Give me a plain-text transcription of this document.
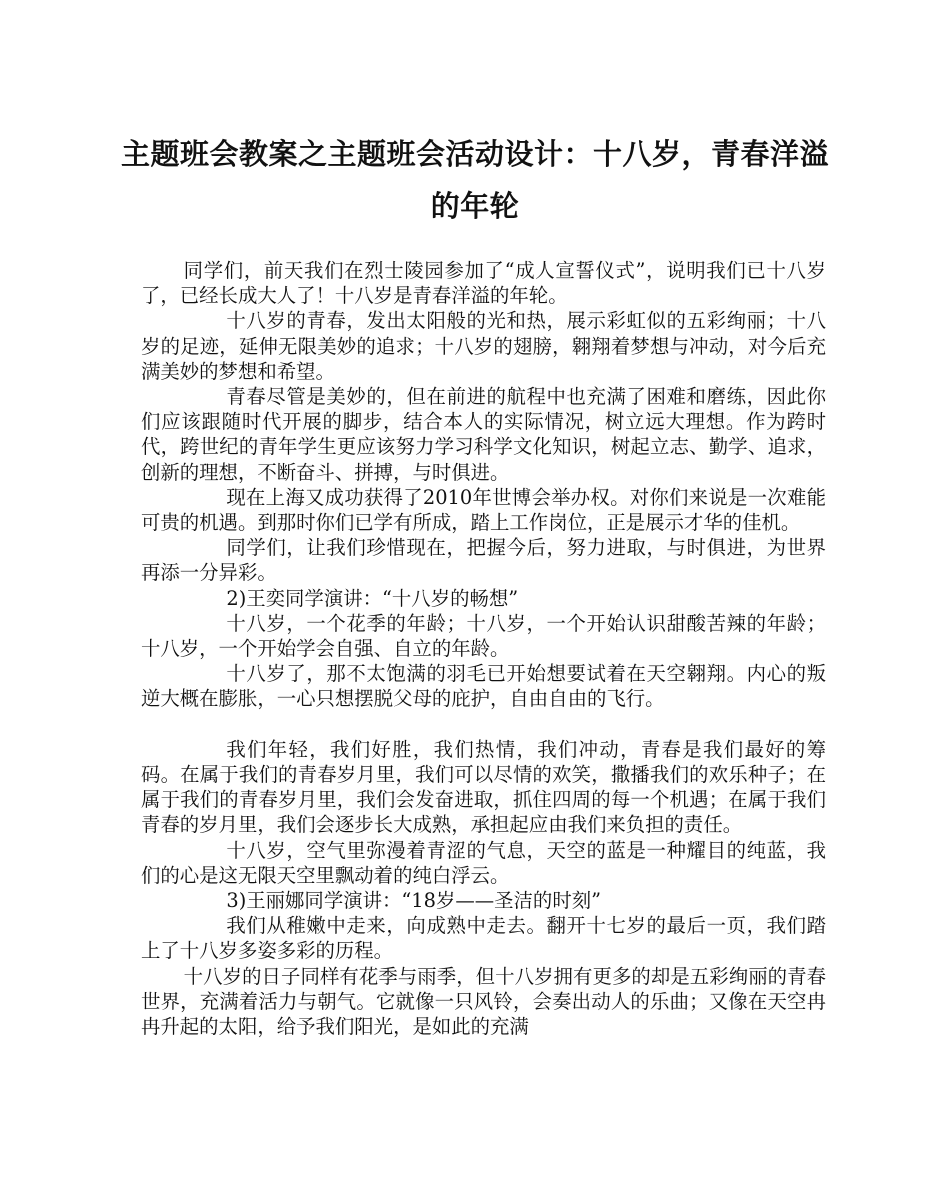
主题班会教案之主题班会活动设计：十八岁，青春洋溢的年轮

同学们，前天我们在烈士陵园参加了“成人宣誓仪式”，说明我们已十八岁了，已经长成大人了！十八岁是青春洋溢的年轮。

十八岁的青春，发出太阳般的光和热，展示彩虹似的五彩绚丽；十八岁的足迹，延伸无限美妙的追求；十八岁的翅膀，翱翔着梦想与冲动，对今后充满美妙的梦想和希望。

青春尽管是美妙的，但在前进的航程中也充满了困难和磨练，因此你们应该跟随时代开展的脚步，结合本人的实际情况，树立远大理想。作为跨时代，跨世纪的青年学生更应该努力学习科学文化知识，树起立志、勤学、追求，创新的理想，不断奋斗、拼搏，与时俱进。

现在上海又成功获得了2010年世博会举办权。对你们来说是一次难能可贵的机遇。到那时你们已学有所成，踏上工作岗位，正是展示才华的佳机。

同学们，让我们珍惜现在，把握今后，努力进取，与时俱进，为世界再添一分异彩。

2)王奕同学演讲：“十八岁的畅想”

十八岁，一个花季的年龄；十八岁，一个开始认识甜酸苦辣的年龄；十八岁，一个开始学会自强、自立的年龄。

十八岁了，那不太饱满的羽毛已开始想要试着在天空翱翔。内心的叛逆大概在膨胀，一心只想摆脱父母的庇护，自由自由的飞行。

我们年轻，我们好胜，我们热情，我们冲动，青春是我们最好的筹码。在属于我们的青春岁月里，我们可以尽情的欢笑，撒播我们的欢乐种子；在属于我们的青春岁月里，我们会发奋进取，抓住四周的每一个机遇；在属于我们青春的岁月里，我们会逐步长大成熟，承担起应由我们来负担的责任。

十八岁，空气里弥漫着青涩的气息，天空的蓝是一种耀目的纯蓝，我们的心是这无限天空里飘动着的纯白浮云。

3)王丽娜同学演讲：“18岁——圣洁的时刻”

我们从稚嫩中走来，向成熟中走去。翻开十七岁的最后一页，我们踏上了十八岁多姿多彩的历程。

十八岁的日子同样有花季与雨季，但十八岁拥有更多的却是五彩绚丽的青春世界，充满着活力与朝气。它就像一只风铃，会奏出动人的乐曲；又像在天空冉冉升起的太阳，给予我们阳光，是如此的充满
